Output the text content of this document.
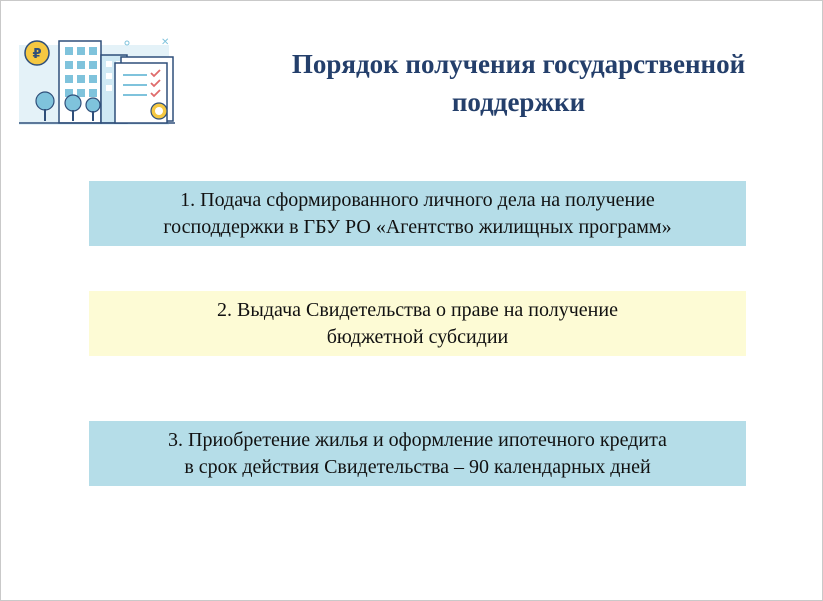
₽
✕
Порядок получения государственной
поддержки
1. Подача сформированного личного дела на получение
господдержки в ГБУ РО «Агентство жилищных программ»
2. Выдача Свидетельства о праве на получение
бюджетной субсидии
3. Приобретение жилья и оформление ипотечного кредита
в срок действия Свидетельства – 90 календарных дней
